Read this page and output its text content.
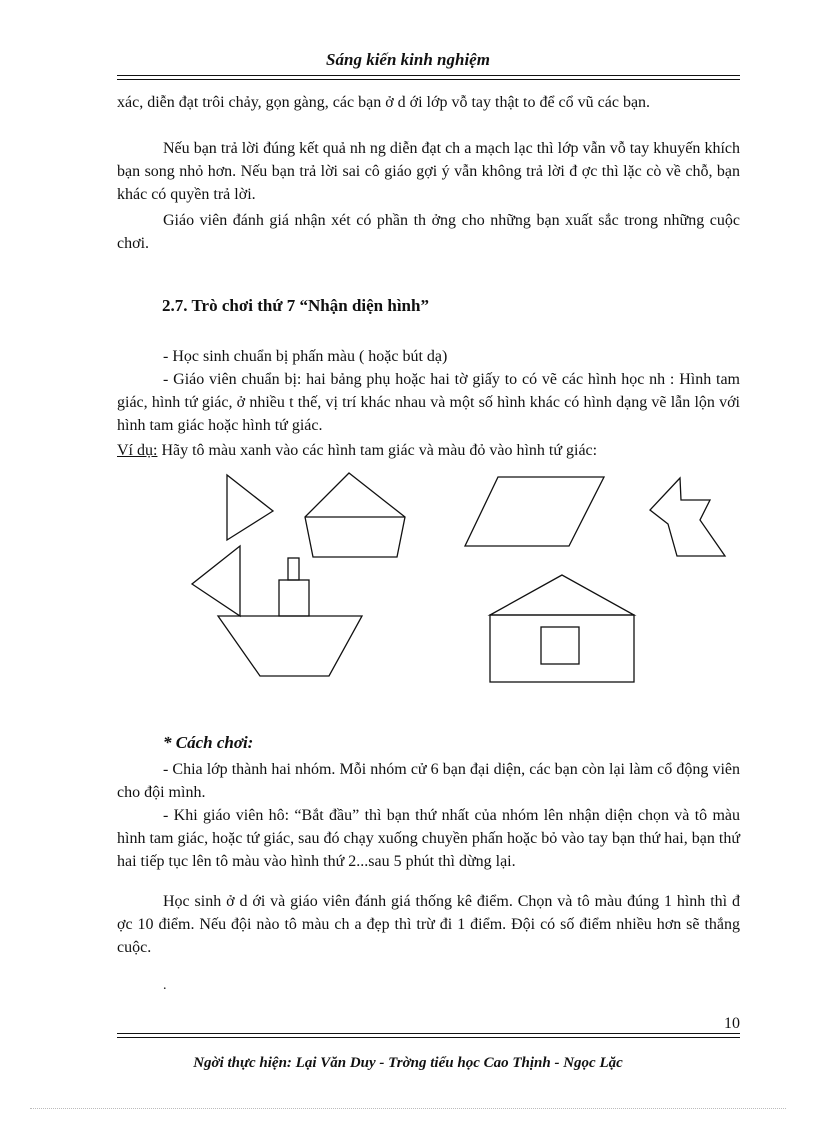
Sáng kiến kinh nghiệm

xác, diễn đạt trôi chảy, gọn gàng, các bạn ở d ới lớp vỗ tay thật to để cổ vũ các bạn.

Nếu bạn trả lời đúng kết quả nh ng diễn đạt ch a mạch lạc thì lớp vẫn vỗ tay khuyến khích bạn song nhỏ hơn. Nếu bạn trả lời sai cô giáo gợi ý vẫn không trả lời đ ợc thì lặc cò về chỗ, bạn khác có quyền trả lời.

Giáo viên đánh giá nhận xét có phần th ởng cho những bạn xuất sắc trong những cuộc chơi.

2.7. Trò chơi thứ 7 “Nhận diện hình”

- Học sinh chuẩn bị phấn màu ( hoặc bút dạ)

- Giáo viên chuẩn bị: hai bảng phụ hoặc hai tờ giấy to có vẽ các hình học nh : Hình tam giác, hình tứ giác, ở nhiều t thế, vị trí khác nhau và một số hình khác có hình dạng vẽ lẫn lộn với hình tam giác hoặc hình tứ giác.

Ví dụ: Hãy tô màu xanh vào các hình tam giác và màu đỏ vào hình tứ giác:

* Cách chơi:

- Chia lớp thành hai nhóm. Mỗi nhóm cử 6 bạn đại diện, các bạn còn lại làm cổ động viên cho đội mình.

- Khi giáo viên hô: “Bắt đầu” thì bạn thứ nhất của nhóm lên nhận diện chọn và tô màu hình tam giác, hoặc tứ giác, sau đó chạy xuống chuyền phấn hoặc bỏ vào tay bạn thứ hai, bạn thứ hai tiếp tục lên tô màu vào hình thứ 2...sau 5 phút thì dừng lại.

Học sinh ở d ới và giáo viên đánh giá thống kê điểm. Chọn và tô màu đúng 1 hình thì đ ợc 10 điểm. Nếu đội nào tô màu ch a đẹp thì trừ đi 1 điểm. Đội có số điểm nhiều hơn sẽ thắng cuộc.

.
10
Ngời thực hiện: Lại Văn Duy - Trờng tiểu học Cao Thịnh - Ngọc Lặc
